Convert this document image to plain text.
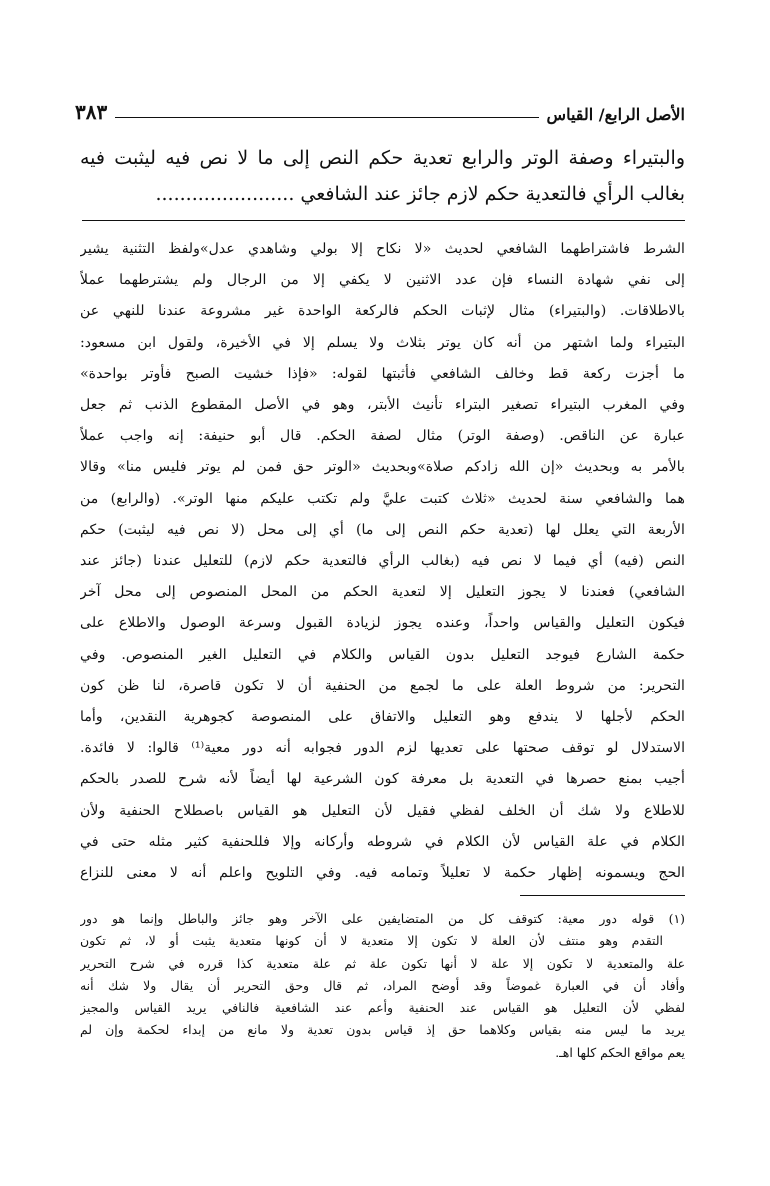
الأصل الرابع/ القياس
٣٨٣
والبتيراء وصفة الوتر والرابع تعدية حكم النص إلى ما لا نص فيه ليثبت فيه
بغالب الرأي فالتعدية حكم لازم جائز عند الشافعي .......................
الشرط فاشتراطهما الشافعي لحديث «لا نكاح إلا بولي وشاهدي عدل»ولفظ التثنية يشير
إلى نفي شهادة النساء فإن عدد الاثنين لا يكفي إلا من الرجال ولم يشترطهما عملاً
بالاطلاقات. (والبتيراء) مثال لإثبات الحكم فالركعة الواحدة غير مشروعة عندنا للنهي عن
البتيراء ولما اشتهر من أنه كان يوتر بثلاث ولا يسلم إلا في الأخيرة، ولقول ابن مسعود:
ما أجزت ركعة قط وخالف الشافعي فأثبتها لقوله: «فإذا خشيت الصبح فأوتر بواحدة»
وفي المغرب البتيراء تصغير البتراء تأنيث الأبتر، وهو في الأصل المقطوع الذنب ثم جعل
عبارة عن الناقص. (وصفة الوتر) مثال لصفة الحكم. قال أبو حنيفة: إنه واجب عملاً
بالأمر به وبحديث «إن الله زادكم صلاة»وبحديث «الوتر حق فمن لم يوتر فليس منا» وقالا
هما والشافعي سنة لحديث «ثلاث كتبت عليَّ ولم تكتب عليكم منها الوتر». (والرابع) من
الأربعة التي يعلل لها (تعدية حكم النص إلى ما) أي إلى محل (لا نص فيه ليثبت) حكم
النص (فيه) أي فيما لا نص فيه (بغالب الرأي فالتعدية حكم لازم) للتعليل عندنا (جائز عند
الشافعي) فعندنا لا يجوز التعليل إلا لتعدية الحكم من المحل المنصوص إلى محل آخر
فيكون التعليل والقياس واحداً، وعنده يجوز لزيادة القبول وسرعة الوصول والاطلاع على
حكمة الشارع فيوجد التعليل بدون القياس والكلام في التعليل الغير المنصوص. وفي
التحرير: من شروط العلة على ما لجمع من الحنفية أن لا تكون قاصرة، لنا ظن كون
الحكم لأجلها لا يندفع وهو التعليل والاتفاق على المنصوصة كجوهرية النقدين، وأما
الاستدلال لو توقف صحتها على تعديها لزم الدور فجوابه أنه دور معية⁽¹⁾ قالوا: لا فائدة.
أجيب بمنع حصرها في التعدية بل معرفة كون الشرعية لها أيضاً لأنه شرح للصدر بالحكم
للاطلاع ولا شك أن الخلف لفظي فقيل لأن التعليل هو القياس باصطلاح الحنفية ولأن
الكلام في علة القياس لأن الكلام في شروطه وأركانه وإلا فللحنفية كثير مثله حتى في
الحج ويسمونه إظهار حكمة لا تعليلاً وتمامه فيه. وفي التلويح واعلم أنه لا معنى للنزاع
(١) قوله دور معية: كتوقف كل من المتضايفين على الآخر وهو جائز والباطل وإنما هو دور
التقدم وهو منتف لأن العلة لا تكون إلا متعدية لا أن كونها متعدية يثبت أو لا، ثم تكون
علة والمتعدية لا تكون إلا علة لا أنها تكون علة ثم علة متعدية كذا قرره في شرح التحرير
وأفاد أن في العبارة غموضاً وقد أوضح المراد، ثم قال وحق التحرير أن يقال ولا شك أنه
لفظي لأن التعليل هو القياس عند الحنفية وأعم عند الشافعية فالنافي يريد القياس والمجيز
يريد ما ليس منه بقياس وكلاهما حق إذ قياس بدون تعدية ولا مانع من إبداء لحكمة وإن لم
يعم مواقع الحكم كلها اهـ.
